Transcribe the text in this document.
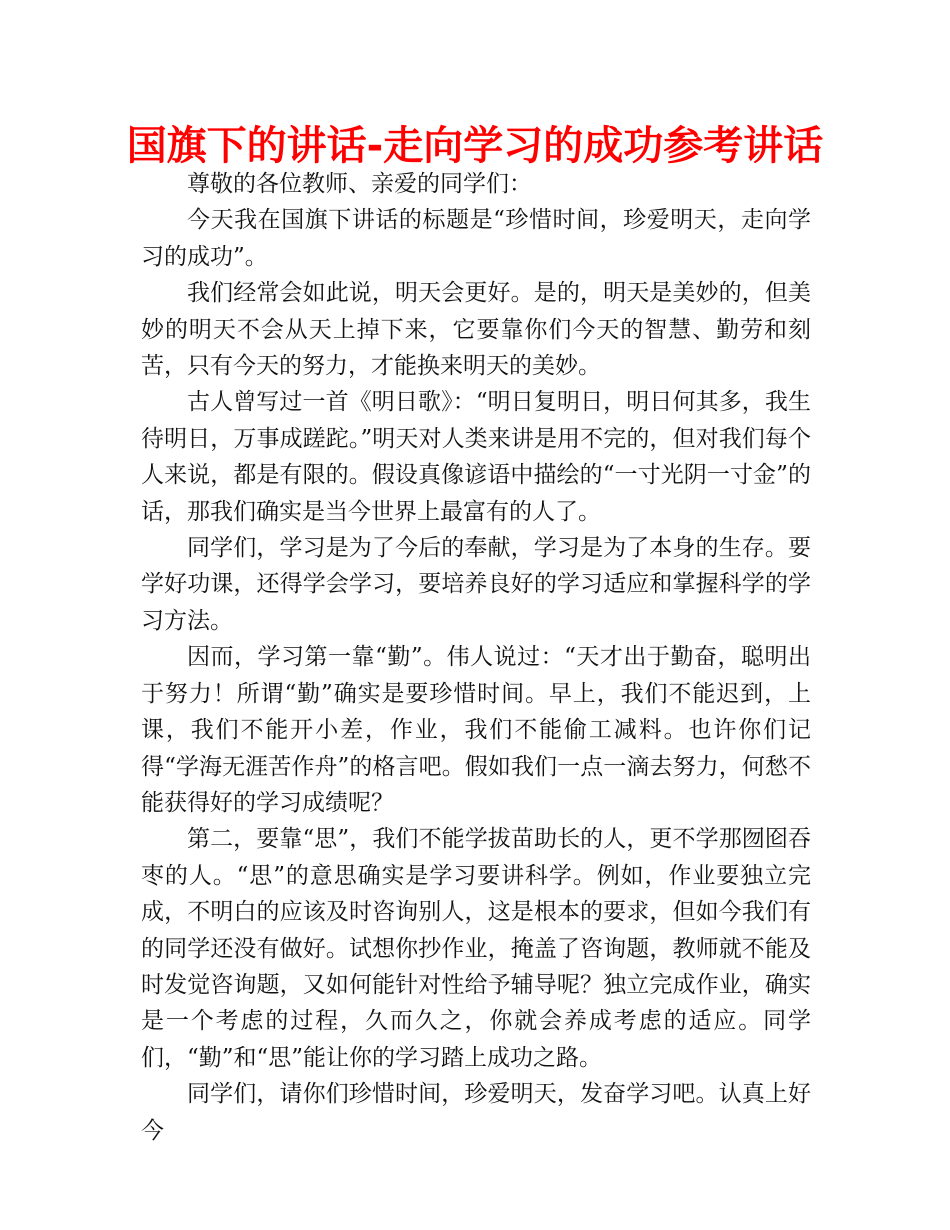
国旗下的讲话-走向学习的成功参考讲话

尊敬的各位教师、亲爱的同学们：

今天我在国旗下讲话的标题是“珍惜时间，珍爱明天，走向学习的成功”。

我们经常会如此说，明天会更好。是的，明天是美妙的，但美妙的明天不会从天上掉下来，它要靠你们今天的智慧、勤劳和刻苦，只有今天的努力，才能换来明天的美妙。

古人曾写过一首《明日歌》：“明日复明日，明日何其多，我生待明日，万事成蹉跎。”明天对人类来讲是用不完的，但对我们每个人来说，都是有限的。假设真像谚语中描绘的“一寸光阴一寸金”的话，那我们确实是当今世界上最富有的人了。

同学们，学习是为了今后的奉献，学习是为了本身的生存。要学好功课，还得学会学习，要培养良好的学习适应和掌握科学的学习方法。

因而，学习第一靠“勤”。伟人说过：“天才出于勤奋，聪明出于努力！所谓“勤”确实是要珍惜时间。早上，我们不能迟到，上课，我们不能开小差，作业，我们不能偷工减料。也许你们记得“学海无涯苦作舟”的格言吧。假如我们一点一滴去努力，何愁不能获得好的学习成绩呢？

第二，要靠“思”，我们不能学拔苗助长的人，更不学那囫囵吞枣的人。“思”的意思确实是学习要讲科学。例如，作业要独立完成，不明白的应该及时咨询别人，这是根本的要求，但如今我们有的同学还没有做好。试想你抄作业，掩盖了咨询题，教师就不能及时发觉咨询题，又如何能针对性给予辅导呢？独立完成作业，确实是一个考虑的过程，久而久之，你就会养成考虑的适应。同学们，“勤”和“思”能让你的学习踏上成功之路。

同学们，请你们珍惜时间，珍爱明天，发奋学习吧。认真上好今
